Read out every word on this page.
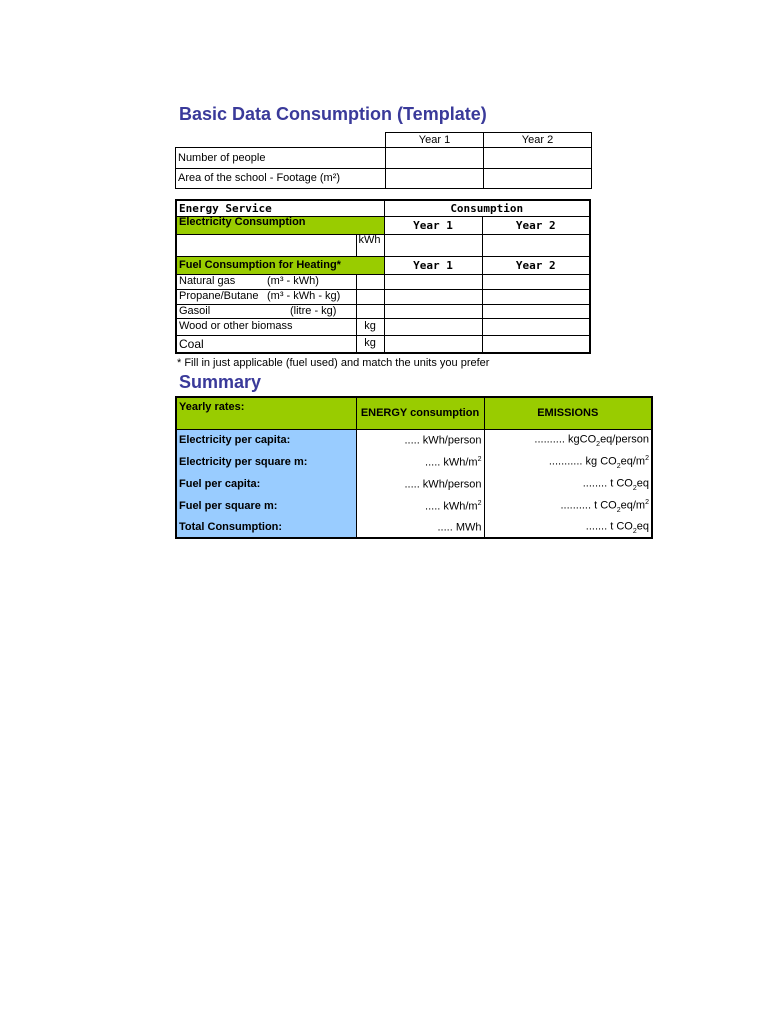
Basic Data Consumption (Template)
	Year 1	Year 2
Number of people		
Area of the school - Footage (m²)		
Energy Service		Consumption	
Electricity Consumption		Year 1	Year 2
	kWh		
Fuel Consumption for Heating*		Year 1	Year 2
Natural gas (m³ - kWh)			
Propane/Butane (m³ - kWh - kg)			
Gasoil (litre - kg)			
Wood or other biomass	kg		
Coal	kg		
* Fill in just applicable (fuel used) and match the units you prefer
Summary
Yearly rates:	ENERGY consumption	EMISSIONS
Electricity per capita:	..... kWh/person	.......... kgCO$_2$eq/person
Electricity per square m:	..... kWh/$m^2$	........... kg $CO_2eq/m^2$
Fuel per capita:	..... kWh/person	........ t $CO_2eq$
Fuel per square m:	..... kWh/$m^2$	.......... t $CO_2eq/m^2$
Total Consumption:	..... MWh	....... t $CO_2eq$
